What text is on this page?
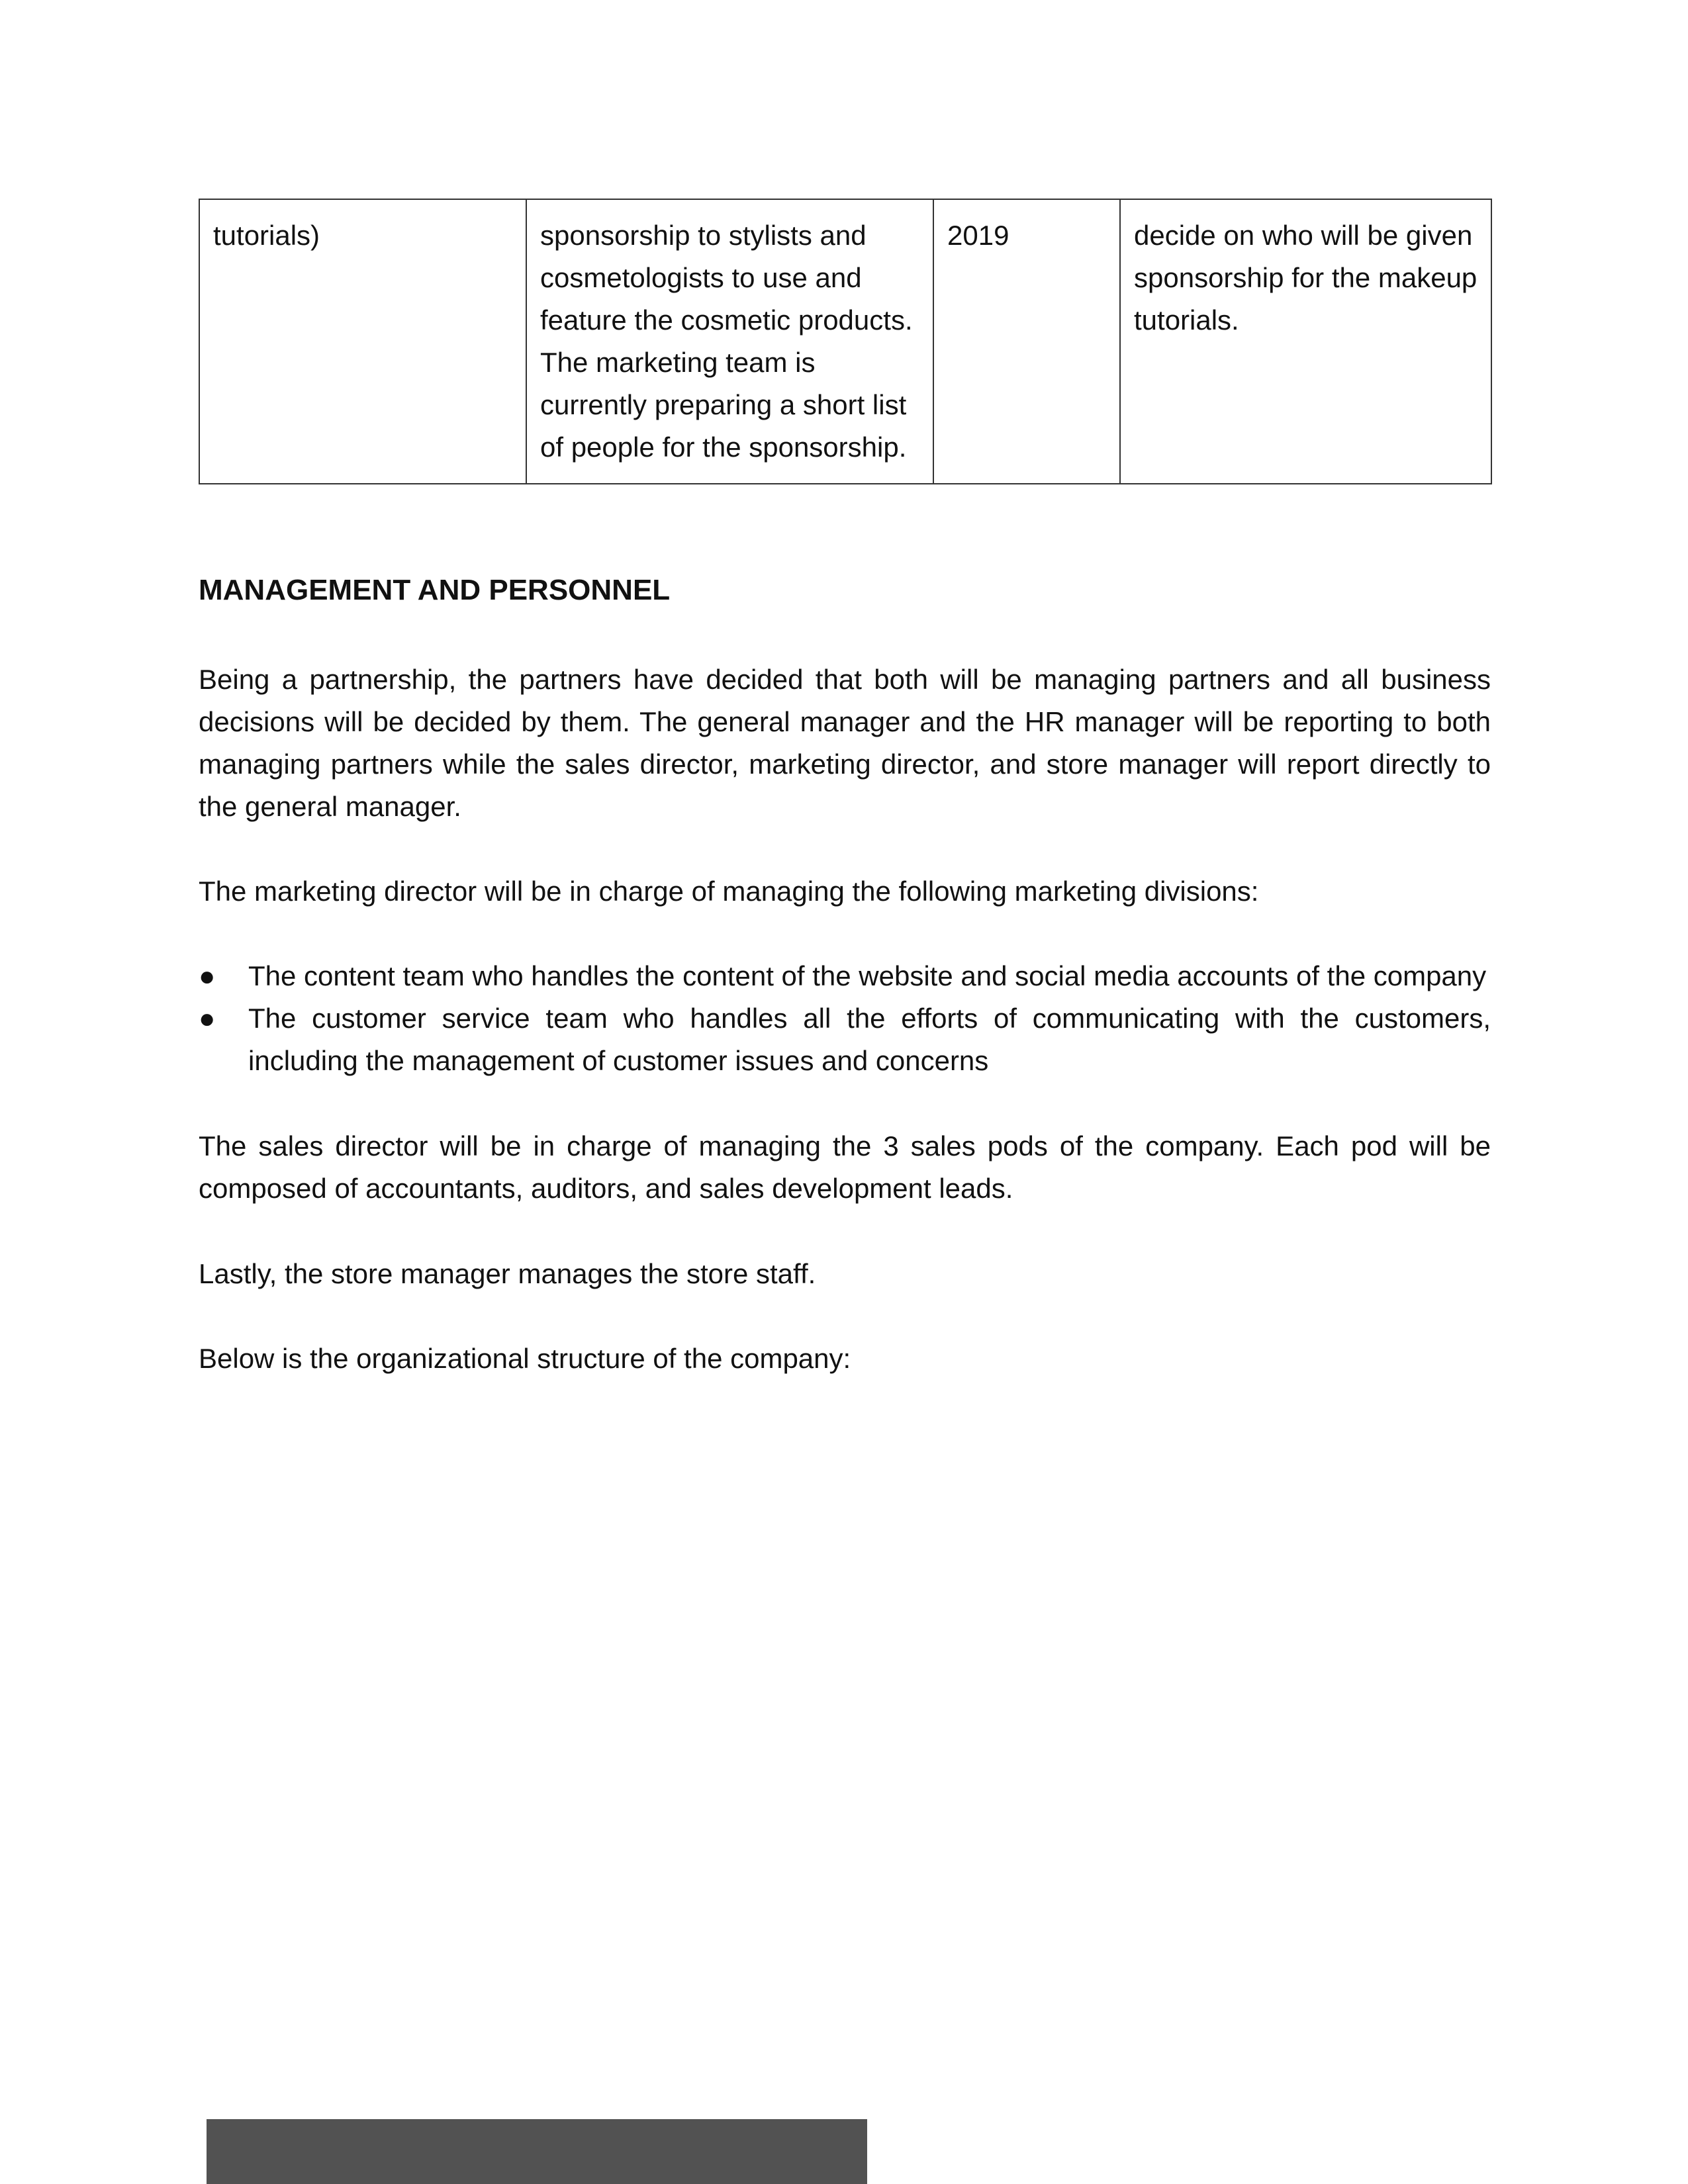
tutorials)	sponsorship to stylists and cosmetologists to use and feature the cosmetic products. The marketing team is currently preparing a short list of people for the sponsorship.	2019	decide on who will be given sponsorship for the makeup tutorials.
MANAGEMENT AND PERSONNEL

Being a partnership, the partners have decided that both will be managing partners and all business decisions will be decided by them. The general manager and the HR manager will be reporting to both managing partners while the sales director, marketing director, and store manager will report directly to the general manager.

The marketing director will be in charge of managing the following marketing divisions:

● The content team who handles the content of the website and social media accounts of the company
● The customer service team who handles all the efforts of communicating with the customers, including the management of customer issues and concerns

The sales director will be in charge of managing the 3 sales pods of the company. Each pod will be composed of accountants, auditors, and sales development leads.

Lastly, the store manager manages the store staff.

Below is the organizational structure of the company:
